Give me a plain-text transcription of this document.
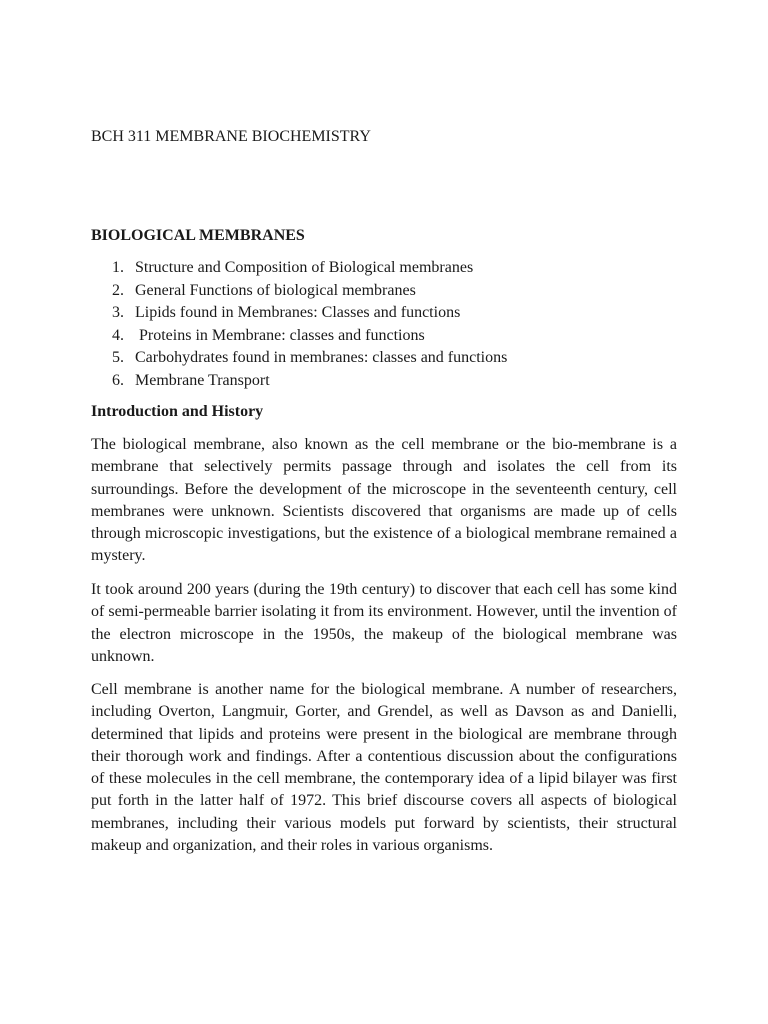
BCH 311 MEMBRANE BIOCHEMISTRY
BIOLOGICAL MEMBRANES
1. Structure and Composition of Biological membranes
2. General Functions of biological membranes
3. Lipids found in Membranes: Classes and functions
4. Proteins in Membrane: classes and functions
5. Carbohydrates found in membranes: classes and functions
6. Membrane Transport
Introduction and History

The biological membrane, also known as the cell membrane or the bio-membrane is a membrane that selectively permits passage through and isolates the cell from its surroundings. Before the development of the microscope in the seventeenth century, cell membranes were unknown. Scientists discovered that organisms are made up of cells through microscopic investigations, but the existence of a biological membrane remained a mystery.

It took around 200 years (during the 19th century) to discover that each cell has some kind of semi-permeable barrier isolating it from its environment. However, until the invention of the electron microscope in the 1950s, the makeup of the biological membrane was unknown.

Cell membrane is another name for the biological membrane. A number of researchers, including Overton, Langmuir, Gorter, and Grendel, as well as Davson as and Danielli, determined that lipids and proteins were present in the biological are membrane through their thorough work and findings. After a contentious discussion about the configurations of these molecules in the cell membrane, the contemporary idea of a lipid bilayer was first put forth in the latter half of 1972. This brief discourse covers all aspects of biological membranes, including their various models put forward by scientists, their structural makeup and organization, and their roles in various organisms.
